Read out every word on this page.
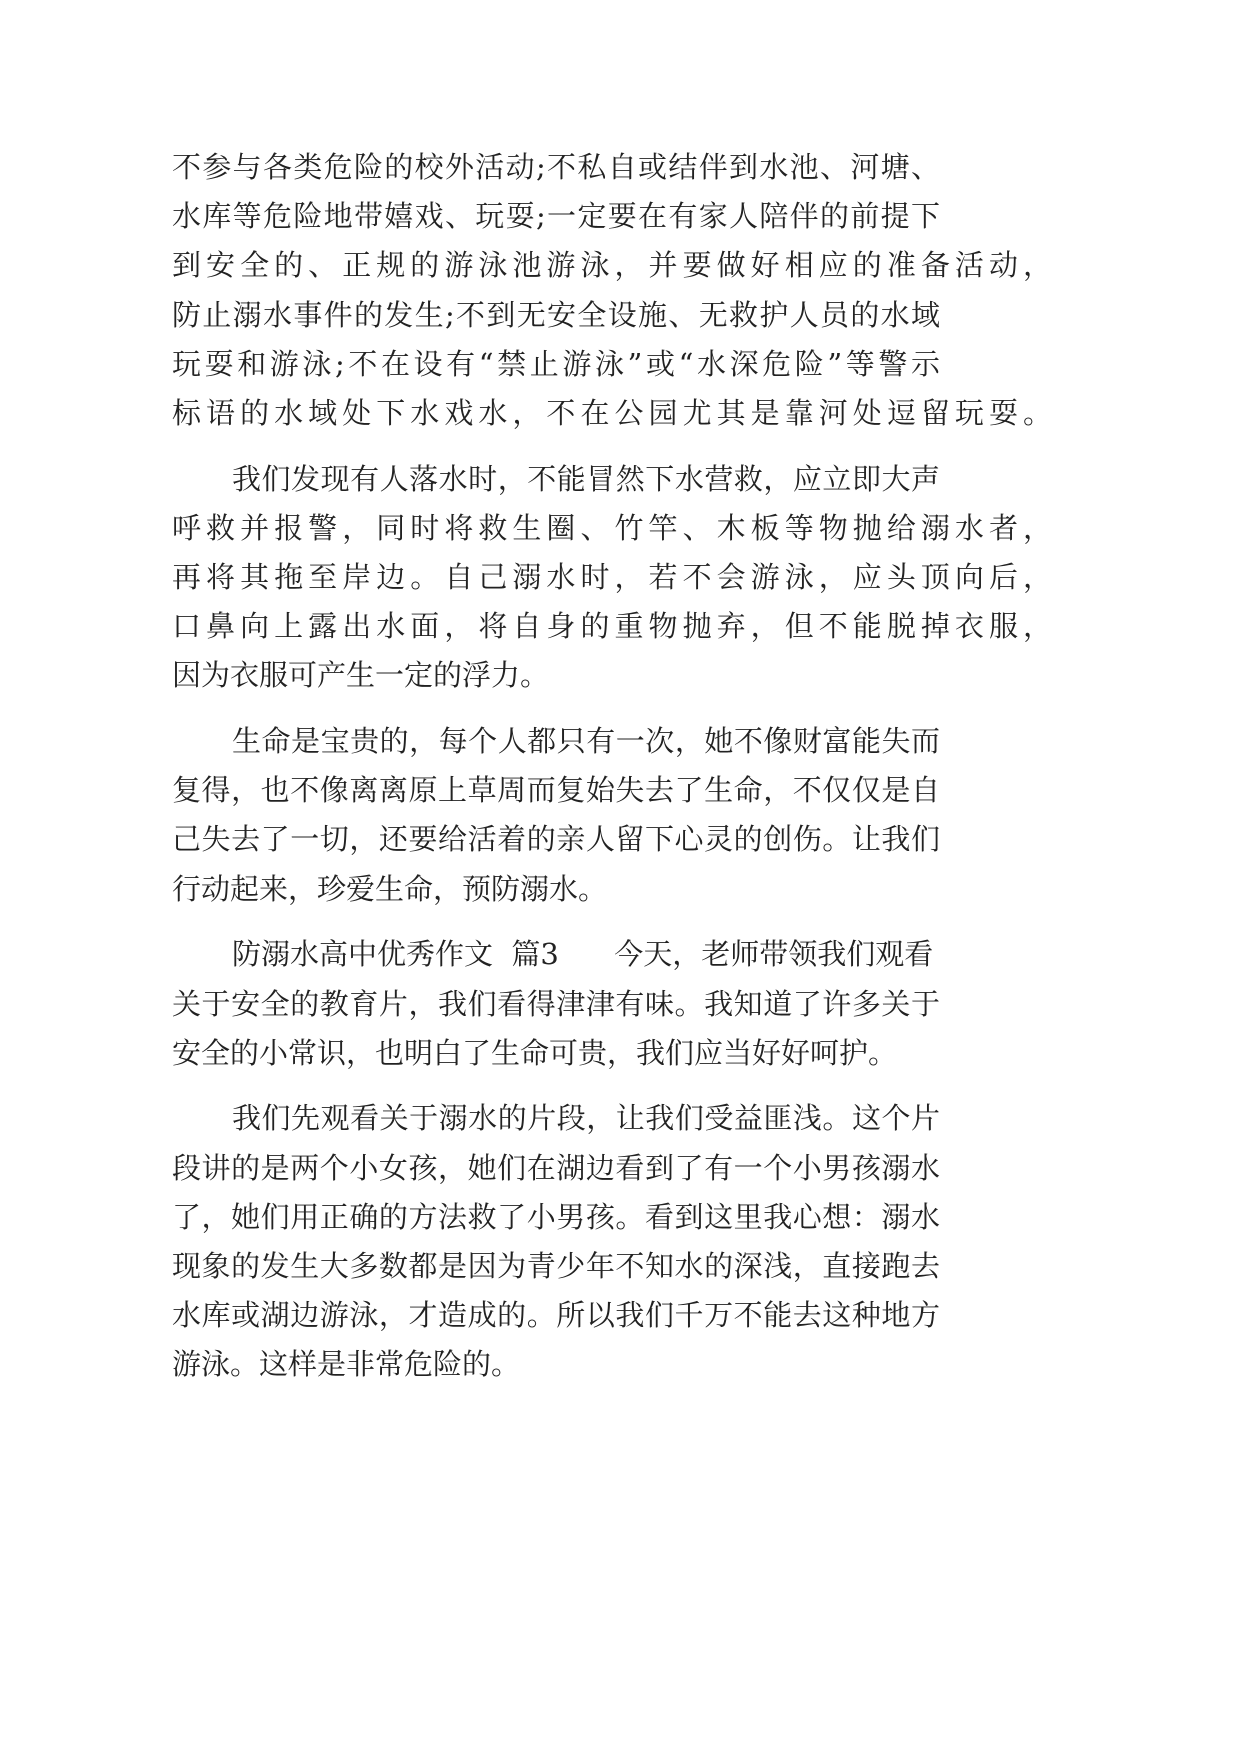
不参与各类危险的校外活动;不私自或结伴到水池、河塘、
水库等危险地带嬉戏、玩耍;一定要在有家人陪伴的前提下
到安全的、正规的游泳池游泳，并要做好相应的准备活动，
防止溺水事件的发生;不到无安全设施、无救护人员的水域
玩耍和游泳;不在设有“禁止游泳”或“水深危险”等警示
标语的水域处下水戏水，不在公园尤其是靠河处逗留玩耍。
我们发现有人落水时，不能冒然下水营救，应立即大声
呼救并报警，同时将救生圈、竹竿、木板等物抛给溺水者，
再将其拖至岸边。自己溺水时，若不会游泳，应头顶向后，
口鼻向上露出水面，将自身的重物抛弃，但不能脱掉衣服，
因为衣服可产生一定的浮力。
生命是宝贵的，每个人都只有一次，她不像财富能失而
复得，也不像离离原上草周而复始失去了生命，不仅仅是自
己失去了一切，还要给活着的亲人留下心灵的创伤。让我们
行动起来，珍爱生命，预防溺水。
防溺水高中优秀作文  篇3      今天，老师带领我们观看
关于安全的教育片，我们看得津津有味。我知道了许多关于
安全的小常识，也明白了生命可贵，我们应当好好呵护。
我们先观看关于溺水的片段，让我们受益匪浅。这个片
段讲的是两个小女孩，她们在湖边看到了有一个小男孩溺水
了，她们用正确的方法救了小男孩。看到这里我心想：溺水
现象的发生大多数都是因为青少年不知水的深浅，直接跑去
水库或湖边游泳，才造成的。所以我们千万不能去这种地方
游泳。这样是非常危险的。
